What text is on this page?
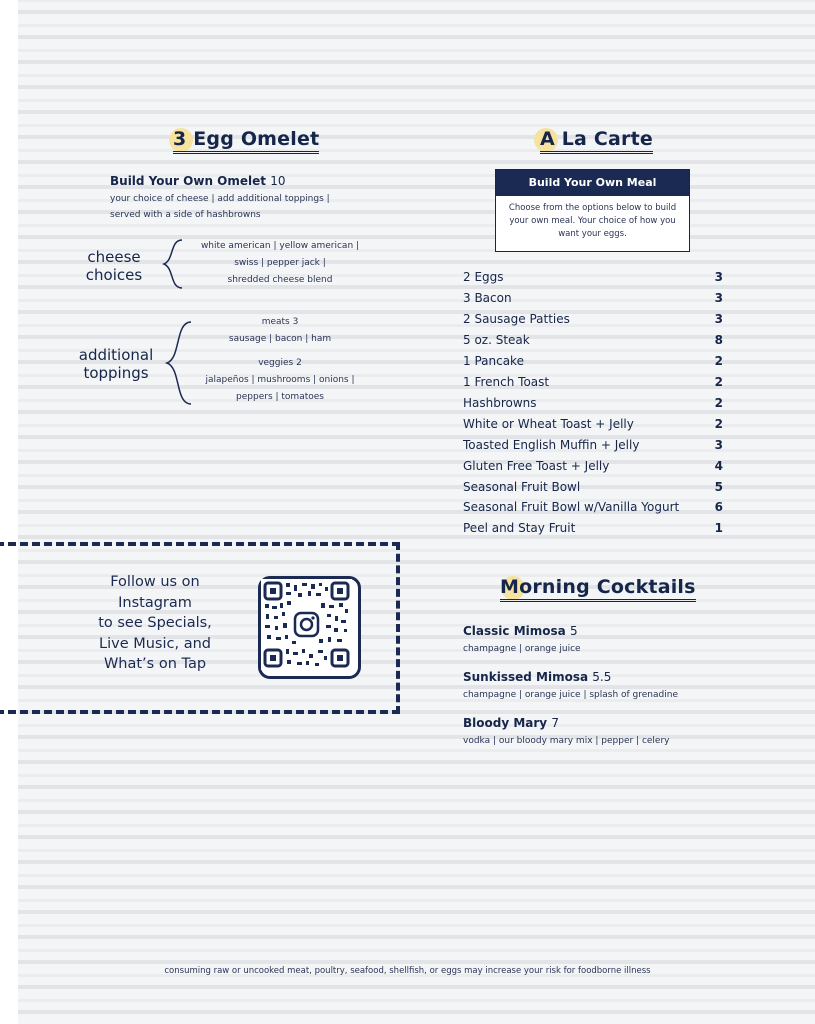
3 Egg Omelet
Build Your Own Omelet 10
your choice of cheese | add additional toppings |
served with a side of hashbrowns
cheese
choices
white american | yellow american |
swiss | pepper jack |
shredded cheese blend
additional
toppings
meats 3
sausage | bacon | ham
veggies 2
jalapeños | mushrooms | onions |
peppers | tomatoes
A La Carte
Build Your Own Meal
Choose from the options below to build
your own meal. Your choice of how you
want your eggs.
2 Eggs	3
3 Bacon	3
2 Sausage Patties	3
5 oz. Steak	8
1 Pancake	2
1 French Toast	2
Hashbrowns	2
White or Wheat Toast + Jelly	2
Toasted English Muffin + Jelly	3
Gluten Free Toast + Jelly	4
Seasonal Fruit Bowl	5
Seasonal Fruit Bowl w/Vanilla Yogurt	6
Peel and Stay Fruit	1
Follow us on
Instagram
to see Specials,
Live Music, and
What’s on Tap
Morning Cocktails
Classic Mimosa 5
champagne | orange juice
Sunkissed Mimosa 5.5
champagne | orange juice | splash of grenadine
Bloody Mary 7
vodka | our bloody mary mix | pepper | celery
consuming raw or uncooked meat, poultry, seafood, shellfish, or eggs may increase your risk for foodborne illness
